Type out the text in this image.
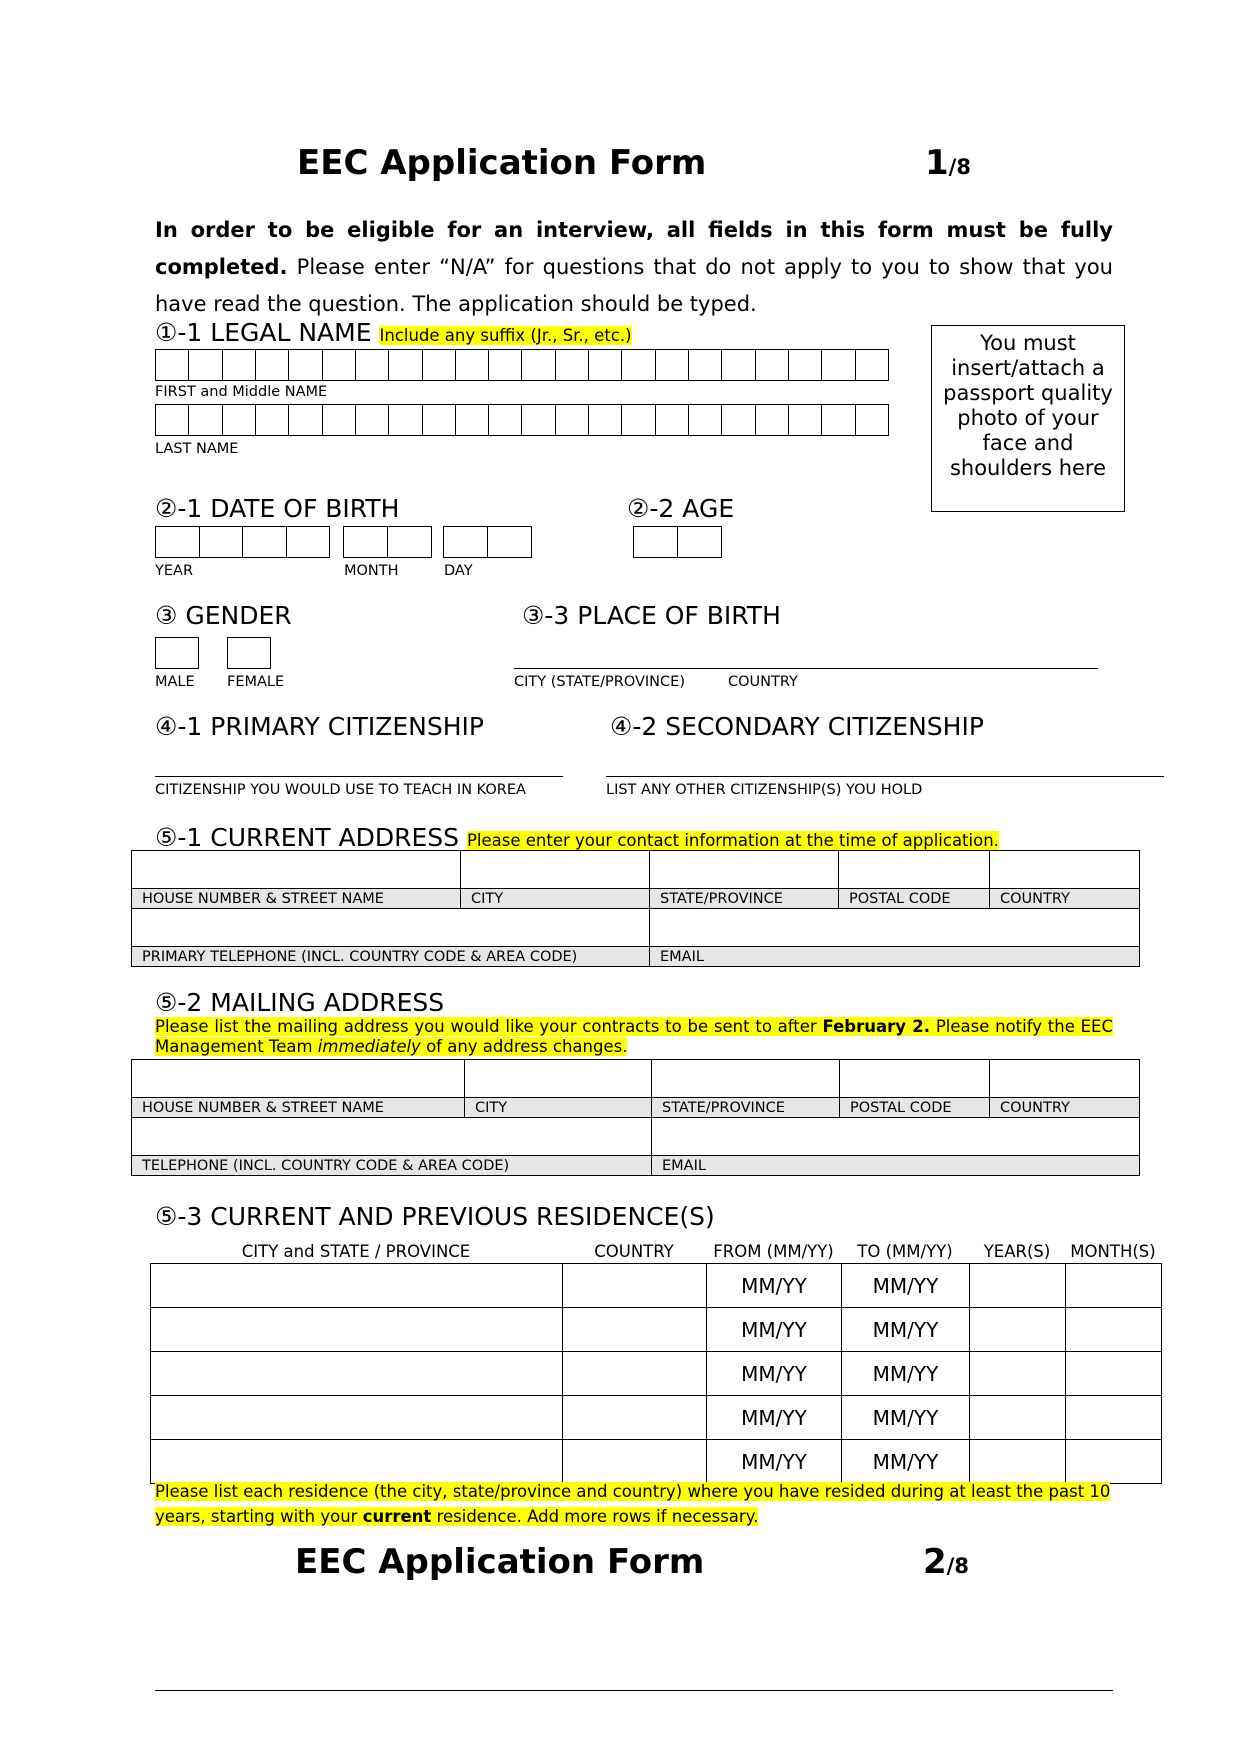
EEC Application Form	1/8
In order to be eligible for an interview, all fields in this form must be fully completed. Please enter “N/A” for questions that do not apply to you to show that you have read the question. The application should be typed.
①-1 LEGAL NAME Include any suffix (Jr., Sr., etc.)
FIRST and Middle NAME
LAST NAME
You must insert/attach a passport quality photo of your face and shoulders here
②-1 DATE OF BIRTH
YEAR	MONTH	DAY
②-2 AGE
③ GENDER
MALE FEMALE
③-3 PLACE OF BIRTH
CITY (STATE/PROVINCE)	COUNTRY
④-1 PRIMARY CITIZENSHIP
CITIZENSHIP YOU WOULD USE TO TEACH IN KOREA
④-2 SECONDARY CITIZENSHIP
LIST ANY OTHER CITIZENSHIP(S) YOU HOLD
⑤-1 CURRENT ADDRESS Please enter your contact information at the time of application.

HOUSE NUMBER & STREET NAME	CITY	STATE/PROVINCE	POSTAL CODE	COUNTRY

PRIMARY TELEPHONE (INCL. COUNTRY CODE & AREA CODE)		EMAIL		
⑤-2 MAILING ADDRESS
Please list the mailing address you would like your contracts to be sent to after February 2. Please notify the EEC Management Team immediately of any address changes.

HOUSE NUMBER & STREET NAME	CITY	STATE/PROVINCE	POSTAL CODE	COUNTRY

TELEPHONE (INCL. COUNTRY CODE & AREA CODE)		EMAIL		
⑤-3 CURRENT AND PREVIOUS RESIDENCE(S)
CITY and STATE / PROVINCE	COUNTRY	FROM (MM/YY)	TO (MM/YY)	YEAR(S)	MONTH(S)
		MM/YY	MM/YY		
		MM/YY	MM/YY		
		MM/YY	MM/YY		
		MM/YY	MM/YY		
		MM/YY	MM/YY		
Please list each residence (the city, state/province and country) where you have resided during at least the past 10 years, starting with your current residence. Add more rows if necessary.
EEC Application Form	2/8
